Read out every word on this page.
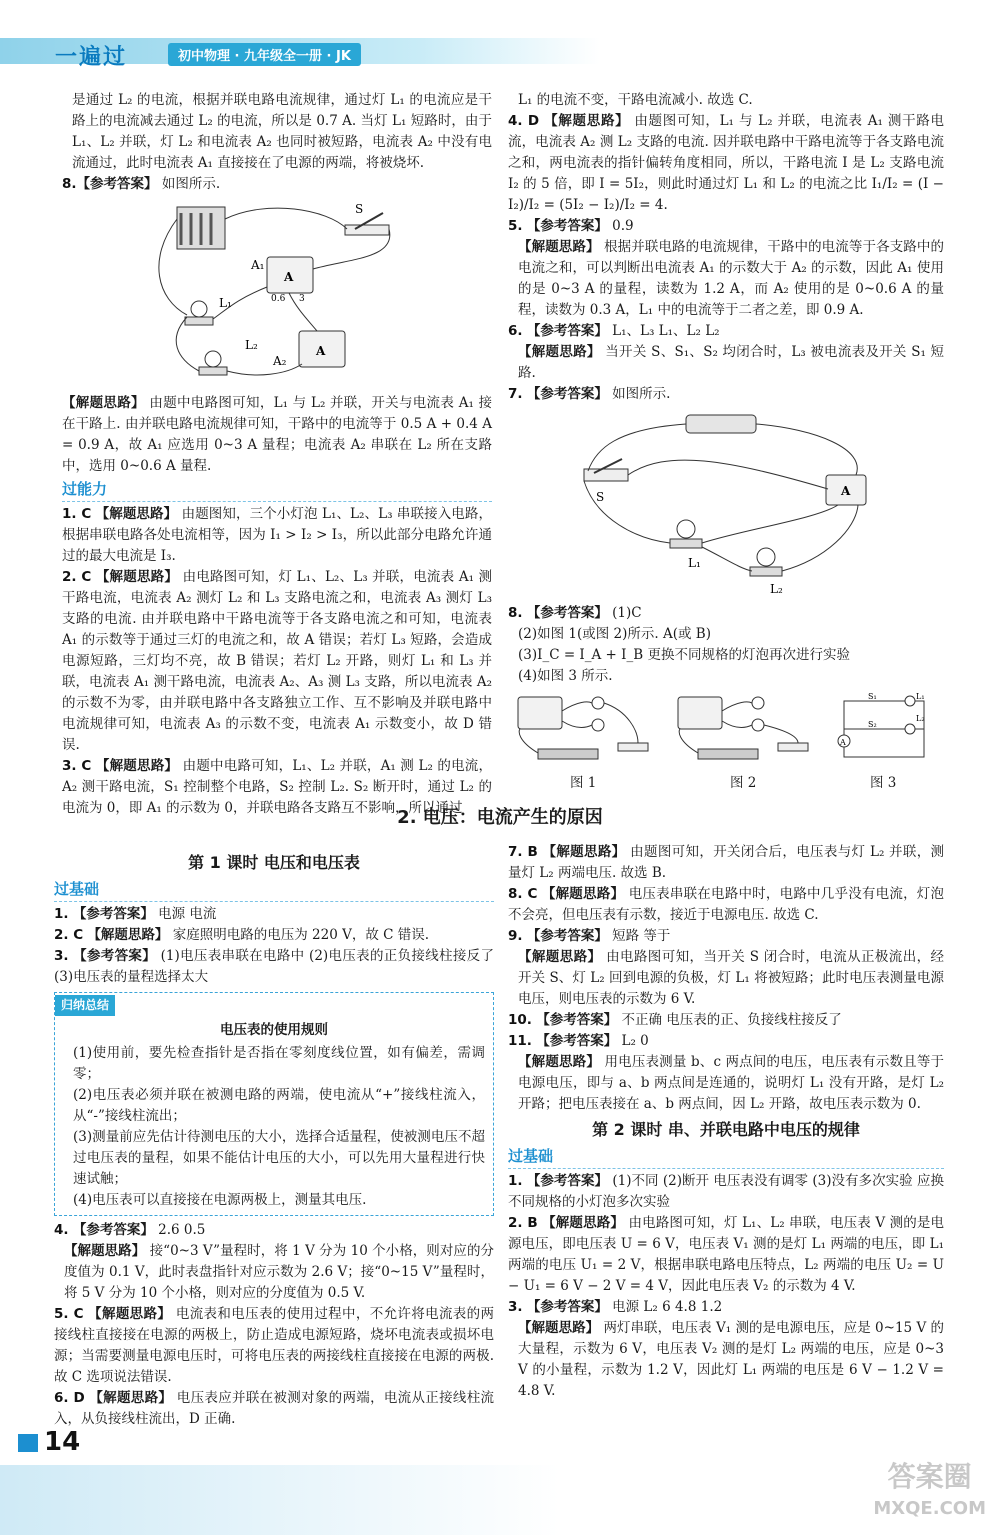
一遍过	初中物理 · 九年级全一册 · JK

是通过 L₂ 的电流，根据并联电路电流规律，通过灯 L₁ 的电流应是干路上的电流减去通过 L₂ 的电流，所以是 0.7 A. 当灯 L₁ 短路时，由于 L₁、L₂ 并联，灯 L₂ 和电流表 A₂ 也同时被短路，电流表 A₂ 中没有电流通过，此时电流表 A₁ 直接接在了电源的两端，将被烧坏.

8.【参考答案】 如图所示.

S
A
A₁
0.6 3
L₁
L₂	A
A₂

【解题思路】 由题中电路图可知，L₁ 与 L₂ 并联，开关与电流表 A₁ 接在干路上. 由并联电路电流规律可知，干路中的电流等于 0.5 A + 0.4 A = 0.9 A，故 A₁ 应选用 0~3 A 量程；电流表 A₂ 串联在 L₂ 所在支路中，选用 0~0.6 A 量程.

过能力

1. C 【解题思路】 由题图知，三个小灯泡 L₁、L₂、L₃ 串联接入电路，根据串联电路各处电流相等，因为 I₁ > I₂ > I₃，所以此部分电路允许通过的最大电流是 I₃.

2. C 【解题思路】 由电路图可知，灯 L₁、L₂、L₃ 并联，电流表 A₁ 测干路电流，电流表 A₂ 测灯 L₂ 和 L₃ 支路电流之和，电流表 A₃ 测灯 L₃ 支路的电流. 由并联电路中干路电流等于各支路电流之和可知，电流表 A₁ 的示数等于通过三灯的电流之和，故 A 错误；若灯 L₃ 短路，会造成电源短路，三灯均不亮，故 B 错误；若灯 L₂ 开路，则灯 L₁ 和 L₃ 并联，电流表 A₁ 测干路电流，电流表 A₂、A₃ 测 L₃ 支路，所以电流表 A₂ 的示数不为零，由并联电路中各支路独立工作、互不影响及并联电路中电流规律可知，电流表 A₃ 的示数不变，电流表 A₁ 示数变小，故 D 错误.

3. C 【解题思路】 由题中电路可知，L₁、L₂ 并联，A₁ 测 L₂ 的电流，A₂ 测干路电流，S₁ 控制整个电路，S₂ 控制 L₂. S₂ 断开时，通过 L₂ 的电流为 0，即 A₁ 的示数为 0，并联电路各支路互不影响，所以通过

L₁ 的电流不变，干路电流减小. 故选 C.

4. D 【解题思路】 由题图可知，L₁ 与 L₂ 并联，电流表 A₁ 测干路电流，电流表 A₂ 测 L₂ 支路的电流. 因并联电路中干路电流等于各支路电流之和，两电流表的指针偏转角度相同，所以，干路电流 I 是 L₂ 支路电流 I₂ 的 5 倍，即 I = 5I₂，则此时通过灯 L₁ 和 L₂ 的电流之比 I₁/I₂ = (I − I₂)/I₂ = (5I₂ − I₂)/I₂ = 4.

5. 【参考答案】 0.9

【解题思路】 根据并联电路的电流规律，干路中的电流等于各支路中的电流之和，可以判断出电流表 A₁ 的示数大于 A₂ 的示数，因此 A₁ 使用的是 0~3 A 的量程，读数为 1.2 A，而 A₂ 使用的是 0~0.6 A 的量程，读数为 0.3 A，L₁ 中的电流等于二者之差，即 0.9 A.

6. 【参考答案】 L₁、L₃ L₁、L₂ L₂

【解题思路】 当开关 S、S₁、S₂ 均闭合时，L₃ 被电流表及开关 S₁ 短路.

7. 【参考答案】 如图所示.

S	A
L₁
L₂

8. 【参考答案】 (1)C

(2)如图 1(或图 2)所示. A(或 B)

(3)I_C = I_A + I_B 更换不同规格的灯泡再次进行实验

(4)如图 3 所示.

A
S₁
S₂
L₁
L₂
图 1	图 2	图 3
2. 电压：电流产生的原因
第 1 课时 电压和电压表
过基础

1. 【参考答案】 电源 电流

2. C 【解题思路】 家庭照明电路的电压为 220 V，故 C 错误.

3. 【参考答案】 (1)电压表串联在电路中 (2)电压表的正负接线柱接反了 (3)电压表的量程选择太大

归纳总结
电压表的使用规则

(1)使用前，要先检查指针是否指在零刻度线位置，如有偏差，需调零；

(2)电压表必须并联在被测电路的两端，使电流从“+”接线柱流入，从“-”接线柱流出；

(3)测量前应先估计待测电压的大小，选择合适量程，使被测电压不超过电压表的量程，如果不能估计电压的大小，可以先用大量程进行快速试触；

(4)电压表可以直接接在电源两极上，测量其电压.

4. 【参考答案】 2.6 0.5

【解题思路】 接“0~3 V”量程时，将 1 V 分为 10 个小格，则对应的分度值为 0.1 V，此时表盘指针对应示数为 2.6 V；接“0~15 V”量程时，将 5 V 分为 10 个小格，则对应的分度值为 0.5 V.

5. C 【解题思路】 电流表和电压表的使用过程中，不允许将电流表的两接线柱直接接在电源的两极上，防止造成电源短路，烧坏电流表或损坏电源；当需要测量电源电压时，可将电压表的两接线柱直接接在电源的两极. 故 C 选项说法错误.

6. D 【解题思路】 电压表应并联在被测对象的两端，电流从正接线柱流入，从负接线柱流出，D 正确.

7. B 【解题思路】 由题图可知，开关闭合后，电压表与灯 L₂ 并联，测量灯 L₂ 两端电压. 故选 B.

8. C 【解题思路】 电压表串联在电路中时，电路中几乎没有电流，灯泡不会亮，但电压表有示数，接近于电源电压. 故选 C.

9. 【参考答案】 短路 等于

【解题思路】 由电路图可知，当开关 S 闭合时，电流从正极流出，经开关 S、灯 L₂ 回到电源的负极，灯 L₁ 将被短路；此时电压表测量电源电压，则电压表的示数为 6 V.

10. 【参考答案】 不正确 电压表的正、负接线柱接反了

11. 【参考答案】 L₂ 0

【解题思路】 用电压表测量 b、c 两点间的电压，电压表有示数且等于电源电压，即与 a、b 两点间是连通的，说明灯 L₁ 没有开路，是灯 L₂ 开路；把电压表接在 a、b 两点间，因 L₂ 开路，故电压表示数为 0.

第 2 课时 串、并联电路中电压的规律
过基础

1. 【参考答案】 (1)不同 (2)断开 电压表没有调零 (3)没有多次实验 应换不同规格的小灯泡多次实验

2. B 【解题思路】 由电路图可知，灯 L₁、L₂ 串联，电压表 V 测的是电源电压，即电压表 U = 6 V，电压表 V₁ 测的是灯 L₁ 两端的电压，即 L₁ 两端的电压 U₁ = 2 V，根据串联电路电压特点，L₂ 两端的电压 U₂ = U − U₁ = 6 V − 2 V = 4 V，因此电压表 V₂ 的示数为 4 V.

3. 【参考答案】 电源 L₂ 6 4.8 1.2

【解题思路】 两灯串联，电压表 V₁ 测的是电源电压，应是 0~15 V 的大量程，示数为 6 V，电压表 V₂ 测的是灯 L₂ 两端的电压，应是 0~3 V 的小量程，示数为 1.2 V，因此灯 L₁ 两端的电压是 6 V − 1.2 V = 4.8 V.

14
答案圈
MXQE.COM
